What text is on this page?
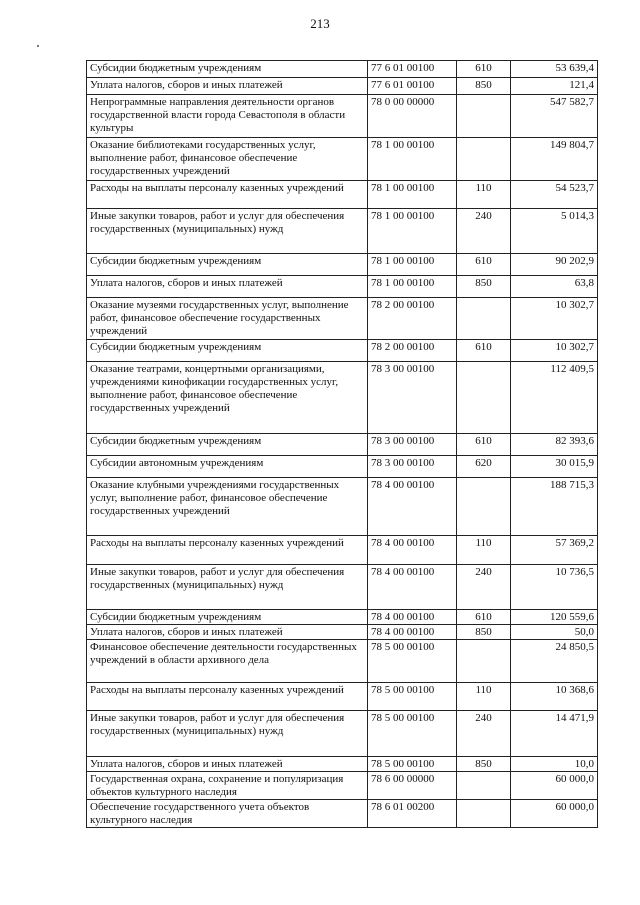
213
Субсидии бюджетным учреждениям	77 6 01 00100	610	53 639,4
Уплата налогов, сборов и иных платежей	77 6 01 00100	850	121,4
Непрограммные направления деятельности органов государственной власти города Севастополя в области культуры	78 0 00 00000		547 582,7
Оказание библиотеками государственных услуг, выполнение работ, финансовое обеспечение государственных учреждений	78 1 00 00100		149 804,7
Расходы на выплаты персоналу казенных учреждений	78 1 00 00100	110	54 523,7
Иные закупки товаров, работ и услуг для обеспечения государственных (муниципальных) нужд	78 1 00 00100	240	5 014,3
Субсидии бюджетным учреждениям	78 1 00 00100	610	90 202,9
Уплата налогов, сборов и иных платежей	78 1 00 00100	850	63,8
Оказание музеями государственных услуг, выполнение работ, финансовое обеспечение государственных учреждений	78 2 00 00100		10 302,7
Субсидии бюджетным учреждениям	78 2 00 00100	610	10 302,7
Оказание театрами, концертными организациями, учреждениями кинофикации государственных услуг, выполнение работ, финансовое обеспечение государственных учреждений	78 3 00 00100		112 409,5
Субсидии бюджетным учреждениям	78 3 00 00100	610	82 393,6
Субсидии автономным учреждениям	78 3 00 00100	620	30 015,9
Оказание клубными учреждениями государственных услуг, выполнение работ, финансовое обеспечение государственных учреждений	78 4 00 00100		188 715,3
Расходы на выплаты персоналу казенных учреждений	78 4 00 00100	110	57 369,2
Иные закупки товаров, работ и услуг для обеспечения государственных (муниципальных) нужд	78 4 00 00100	240	10 736,5
Субсидии бюджетным учреждениям	78 4 00 00100	610	120 559,6
Уплата налогов, сборов и иных платежей	78 4 00 00100	850	50,0
Финансовое обеспечение деятельности государственных учреждений в области архивного дела	78 5 00 00100		24 850,5
Расходы на выплаты персоналу казенных учреждений	78 5 00 00100	110	10 368,6
Иные закупки товаров, работ и услуг для обеспечения государственных (муниципальных) нужд	78 5 00 00100	240	14 471,9
Уплата налогов, сборов и иных платежей	78 5 00 00100	850	10,0
Государственная охрана, сохранение и популяризация объектов культурного наследия	78 6 00 00000		60 000,0
Обеспечение государственного учета объектов культурного наследия	78 6 01 00200		60 000,0
